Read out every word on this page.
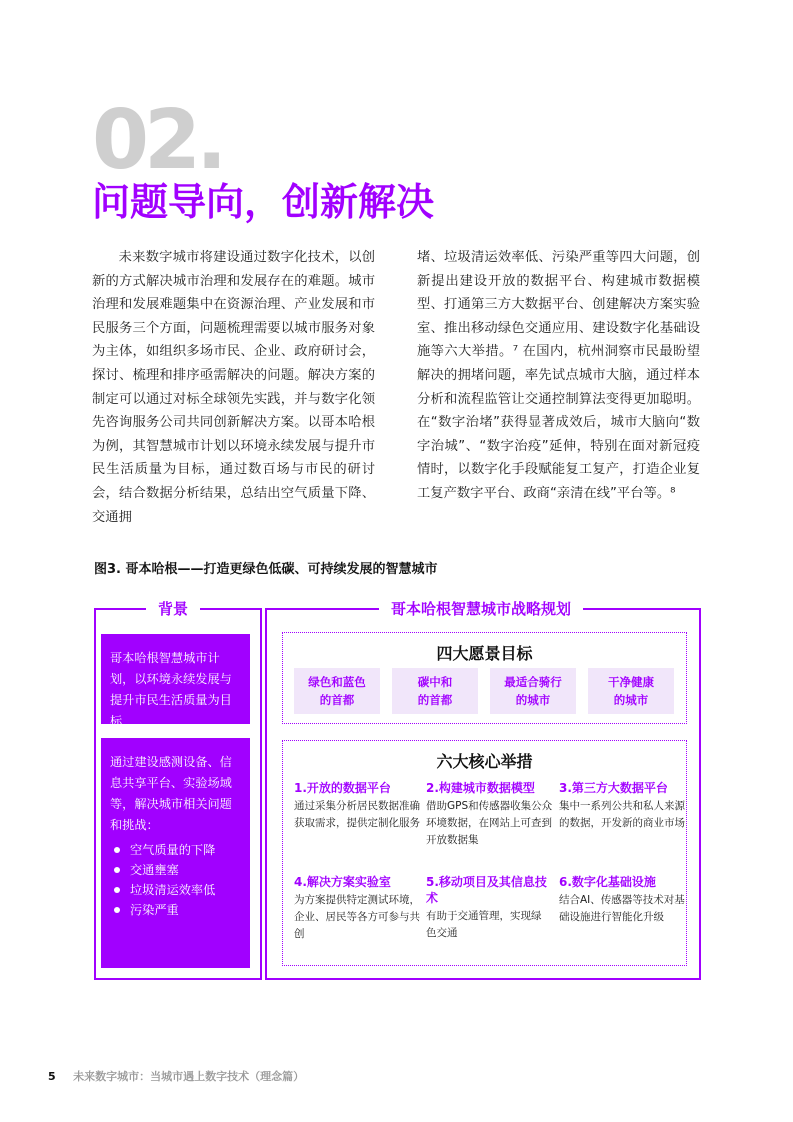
02.
问题导向，创新解决

未来数字城市将建设通过数字化技术，以创新的方式解决城市治理和发展存在的难题。城市治理和发展难题集中在资源治理、产业发展和市民服务三个方面，问题梳理需要以城市服务对象为主体，如组织多场市民、企业、政府研讨会，探讨、梳理和排序亟需解决的问题。解决方案的制定可以通过对标全球领先实践，并与数字化领先咨询服务公司共同创新解决方案。以哥本哈根为例，其智慧城市计划以环境永续发展与提升市民生活质量为目标，通过数百场与市民的研讨会，结合数据分析结果，总结出空气质量下降、交通拥

堵、垃圾清运效率低、污染严重等四大问题，创新提出建设开放的数据平台、构建城市数据模型、打通第三方大数据平台、创建解决方案实验室、推出移动绿色交通应用、建设数字化基础设施等六大举措。⁷ 在国内，杭州洞察市民最盼望解决的拥堵问题，率先试点城市大脑，通过样本分析和流程监管让交通控制算法变得更加聪明。在“数字治堵”获得显著成效后，城市大脑向“数字治城”、“数字治疫”延伸，特别在面对新冠疫情时，以数字化手段赋能复工复产，打造企业复工复产数字平台、政商“亲清在线”平台等。⁸

图3. 哥本哈根——打造更绿色低碳、可持续发展的智慧城市
背景
哥本哈根智慧城市计划，以环境永续发展与提升市民生活质量为目标
通过建设感测设备、信息共享平台、实验场域等，解决城市相关问题和挑战：
空气质量的下降
交通壅塞
垃圾清运效率低
污染严重
哥本哈根智慧城市战略规划
四大愿景目标
绿色和蓝色
的首都
碳中和
的首都
最适合骑行
的城市
干净健康
的城市
六大核心举措
1.开放的数据平台
通过采集分析居民数据准确获取需求，提供定制化服务
2.构建城市数据模型
借助GPS和传感器收集公众环境数据，在网站上可查到开放数据集
3.第三方大数据平台
集中一系列公共和私人来源的数据，开发新的商业市场
4.解决方案实验室
为方案提供特定测试环境，企业、居民等各方可参与共创
5.移动项目及其信息技术
有助于交通管理，实现绿色交通
6.数字化基础设施
结合AI、传感器等技术对基础设施进行智能化升级
5 未来数字城市：当城市遇上数字技术（理念篇）
